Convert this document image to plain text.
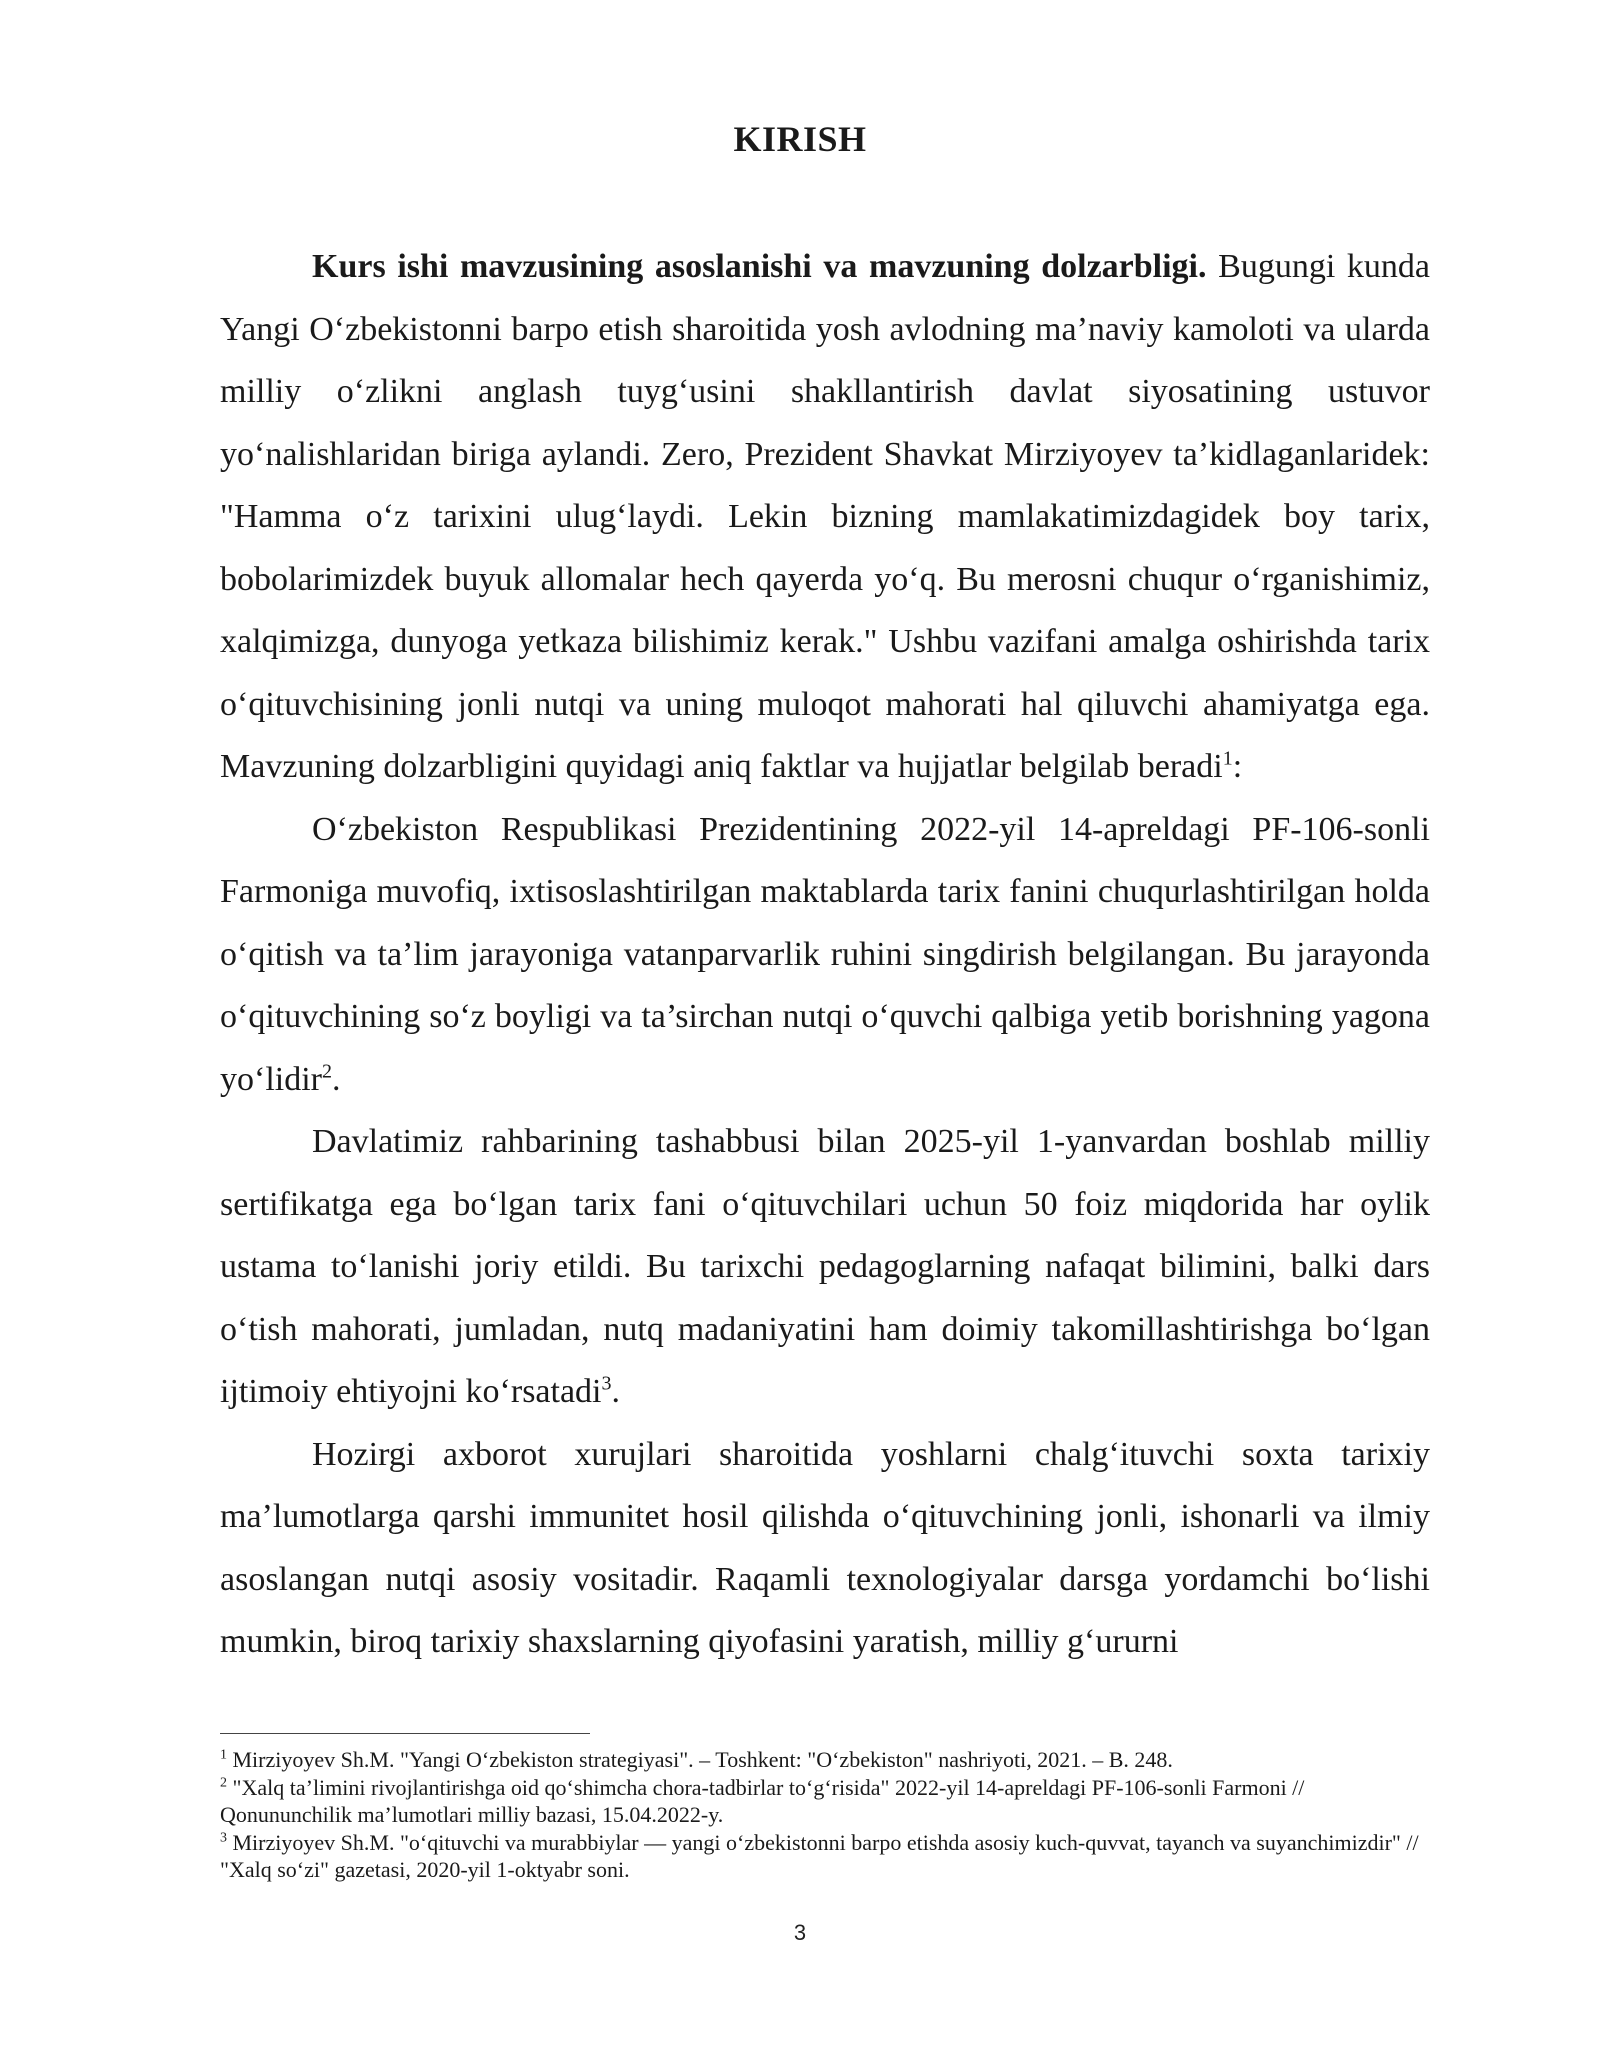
KIRISH

Kurs ishi mavzusining asoslanishi va mavzuning dolzarbligi. Bugungi kunda Yangi O‘zbekistonni barpo etish sharoitida yosh avlodning ma’naviy kamoloti va ularda milliy o‘zlikni anglash tuyg‘usini shakllantirish davlat siyosatining ustuvor yo‘nalishlaridan biriga aylandi. Zero, Prezident Shavkat Mirziyoyev ta’kidlaganlaridek: "Hamma o‘z tarixini ulug‘laydi. Lekin bizning mamlakatimizdagidek boy tarix, bobolarimizdek buyuk allomalar hech qayerda yo‘q. Bu merosni chuqur o‘rganishimiz, xalqimizga, dunyoga yetkaza bilishimiz kerak." Ushbu vazifani amalga oshirishda tarix o‘qituvchisining jonli nutqi va uning muloqot mahorati hal qiluvchi ahamiyatga ega. Mavzuning dolzarbligini quyidagi aniq faktlar va hujjatlar belgilab beradi$^1$:

O‘zbekiston Respublikasi Prezidentining 2022-yil 14-apreldagi PF-106-sonli Farmoniga muvofiq, ixtisoslashtirilgan maktablarda tarix fanini chuqurlashtirilgan holda o‘qitish va ta’lim jarayoniga vatanparvarlik ruhini singdirish belgilangan. Bu jarayonda o‘qituvchining so‘z boyligi va ta’sirchan nutqi o‘quvchi qalbiga yetib borishning yagona yo‘lidir$^2$.

Davlatimiz rahbarining tashabbusi bilan 2025-yil 1-yanvardan boshlab milliy sertifikatga ega bo‘lgan tarix fani o‘qituvchilari uchun 50 foiz miqdorida har oylik ustama to‘lanishi joriy etildi. Bu tarixchi pedagoglarning nafaqat bilimini, balki dars o‘tish mahorati, jumladan, nutq madaniyatini ham doimiy takomillashtirishga bo‘lgan ijtimoiy ehtiyojni ko‘rsatadi$^3$.

Hozirgi axborot xurujlari sharoitida yoshlarni chalg‘ituvchi soxta tarixiy ma’lumotlarga qarshi immunitet hosil qilishda o‘qituvchining jonli, ishonarli va ilmiy asoslangan nutqi asosiy vositadir. Raqamli texnologiyalar darsga yordamchi bo‘lishi mumkin, biroq tarixiy shaxslarning qiyofasini yaratish, milliy g‘ururni

$^1$ Mirziyoyev Sh.M. "Yangi O‘zbekiston strategiyasi". – Toshkent: "O‘zbekiston" nashriyoti, 2021. – B. 248.

$^2$ "Xalq ta’limini rivojlantirishga oid qo‘shimcha chora-tadbirlar to‘g‘risida" 2022-yil 14-apreldagi PF-106-sonli Farmoni // Qonununchilik ma’lumotlari milliy bazasi, 15.04.2022-y.

$^3$ Mirziyoyev Sh.M. "o‘qituvchi va murabbiylar — yangi o‘zbekistonni barpo etishda asosiy kuch-quvvat, tayanch va suyanchimizdir" // "Xalq so‘zi" gazetasi, 2020-yil 1-oktyabr soni.

3
